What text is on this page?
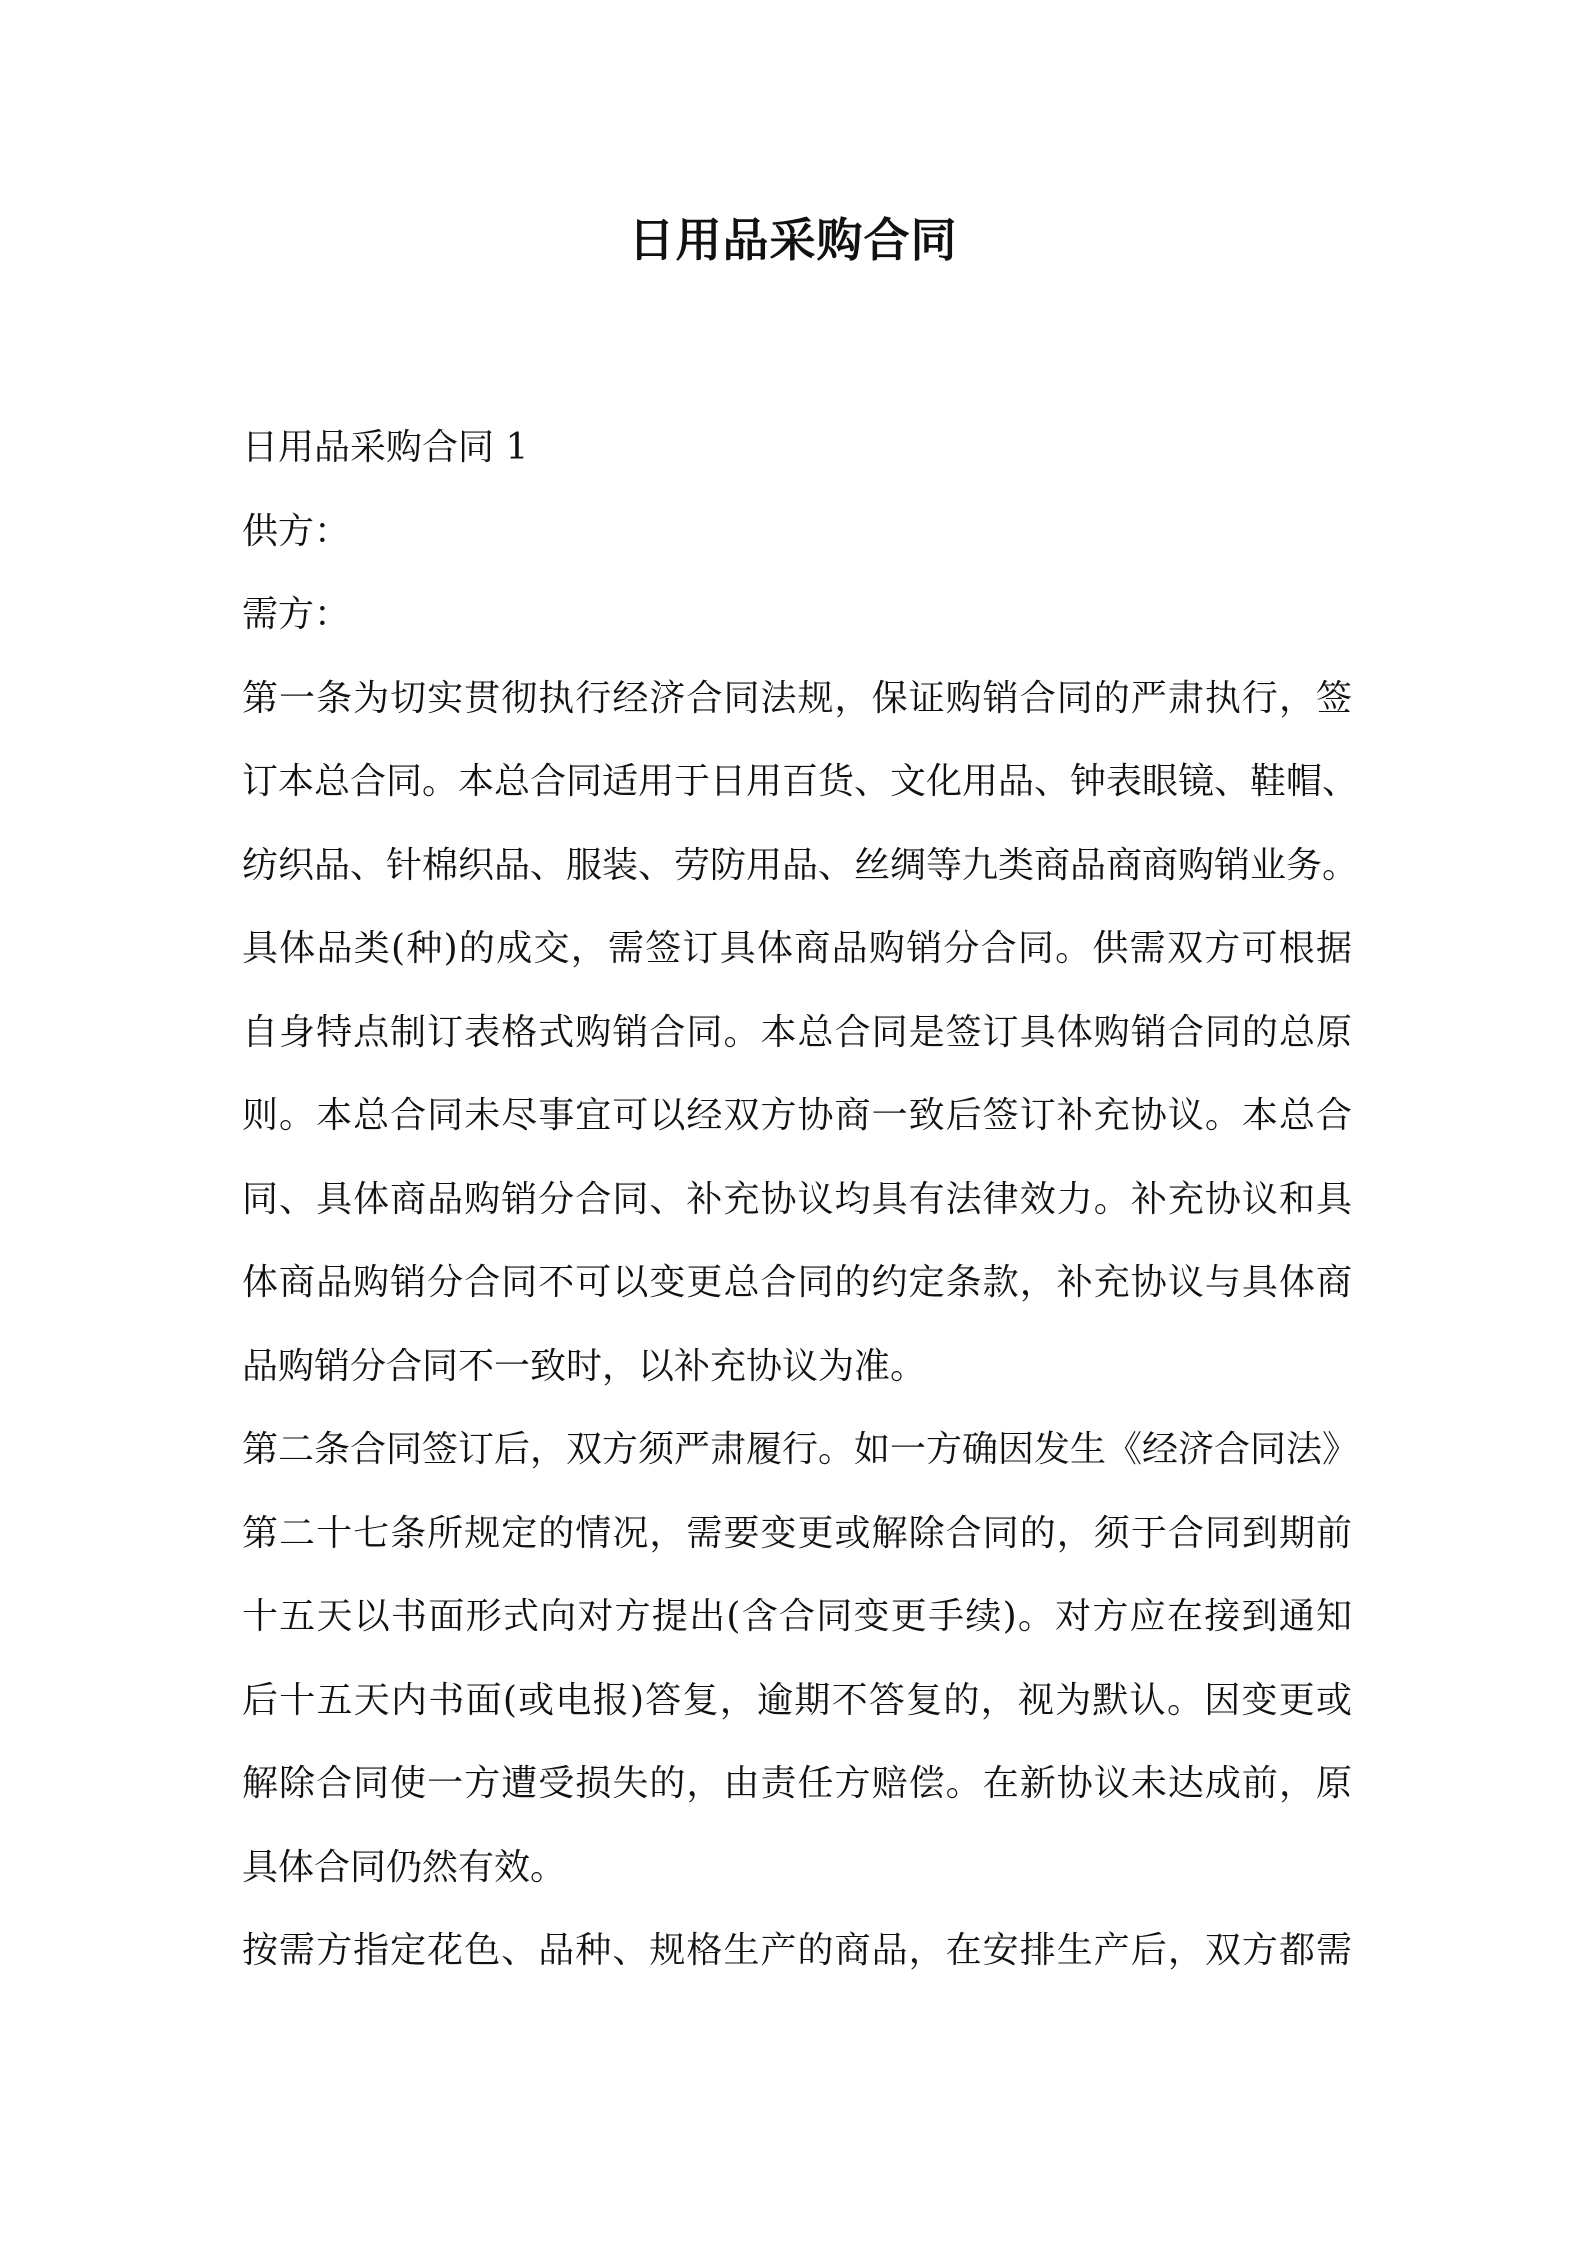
日用品采购合同
日用品采购合同 1
供方：
需方：
第一条为切实贯彻执行经济合同法规，保证购销合同的严肃执行，签
订本总合同。本总合同适用于日用百货、文化用品、钟表眼镜、鞋帽、
纺织品、针棉织品、服装、劳防用品、丝绸等九类商品商商购销业务。
具体品类(种)的成交，需签订具体商品购销分合同。供需双方可根据
自身特点制订表格式购销合同。本总合同是签订具体购销合同的总原
则。本总合同未尽事宜可以经双方协商一致后签订补充协议。本总合
同、具体商品购销分合同、补充协议均具有法律效力。补充协议和具
体商品购销分合同不可以变更总合同的约定条款，补充协议与具体商
品购销分合同不一致时，以补充协议为准。
第二条合同签订后，双方须严肃履行。如一方确因发生《经济合同法》
第二十七条所规定的情况，需要变更或解除合同的，须于合同到期前
十五天以书面形式向对方提出(含合同变更手续)。对方应在接到通知
后十五天内书面(或电报)答复，逾期不答复的，视为默认。因变更或
解除合同使一方遭受损失的，由责任方赔偿。在新协议未达成前，原
具体合同仍然有效。
按需方指定花色、品种、规格生产的商品，在安排生产后，双方都需
